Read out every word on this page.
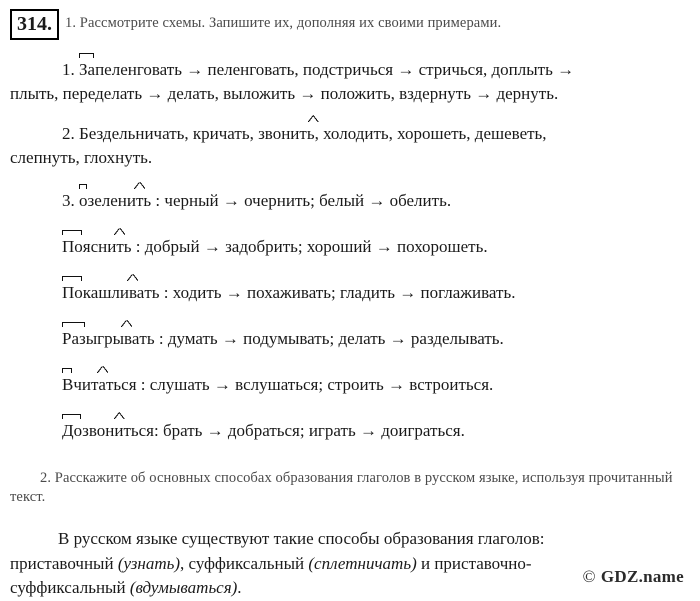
314. 1. Рассмотрите схемы. Запишите их, дополняя их своими примерами.
1. Запеленговать → пеленговать, подстричься → стричься, доплыть →
плыть, переделать → делать, выложить → положить, вздернуть → дернуть.
2. Бездельничать, кричать, звонить, холодить, хорошеть, дешеветь,
слепнуть, глохнуть.
3. озеленить : черный → очернить; белый → обелить.
Пояснить : добрый → задобрить; хороший → похорошеть.
Покашливать : ходить → похаживать; гладить → поглаживать.
Разыгрывать : думать → подумывать; делать → разделывать.
Вчитаться : слушать → вслушаться; строить → встроиться.
Дозвониться: брать → добраться; играть → доиграться.
2. Расскажите об основных способах образования глаголов в русском языке, используя прочитанный текст.
В русском языке существуют такие способы образования глаголов:
приставочный (узнать), суффиксальный (сплетничать) и приставочно-
суффиксальный (вдумываться).
© GDZ.name
